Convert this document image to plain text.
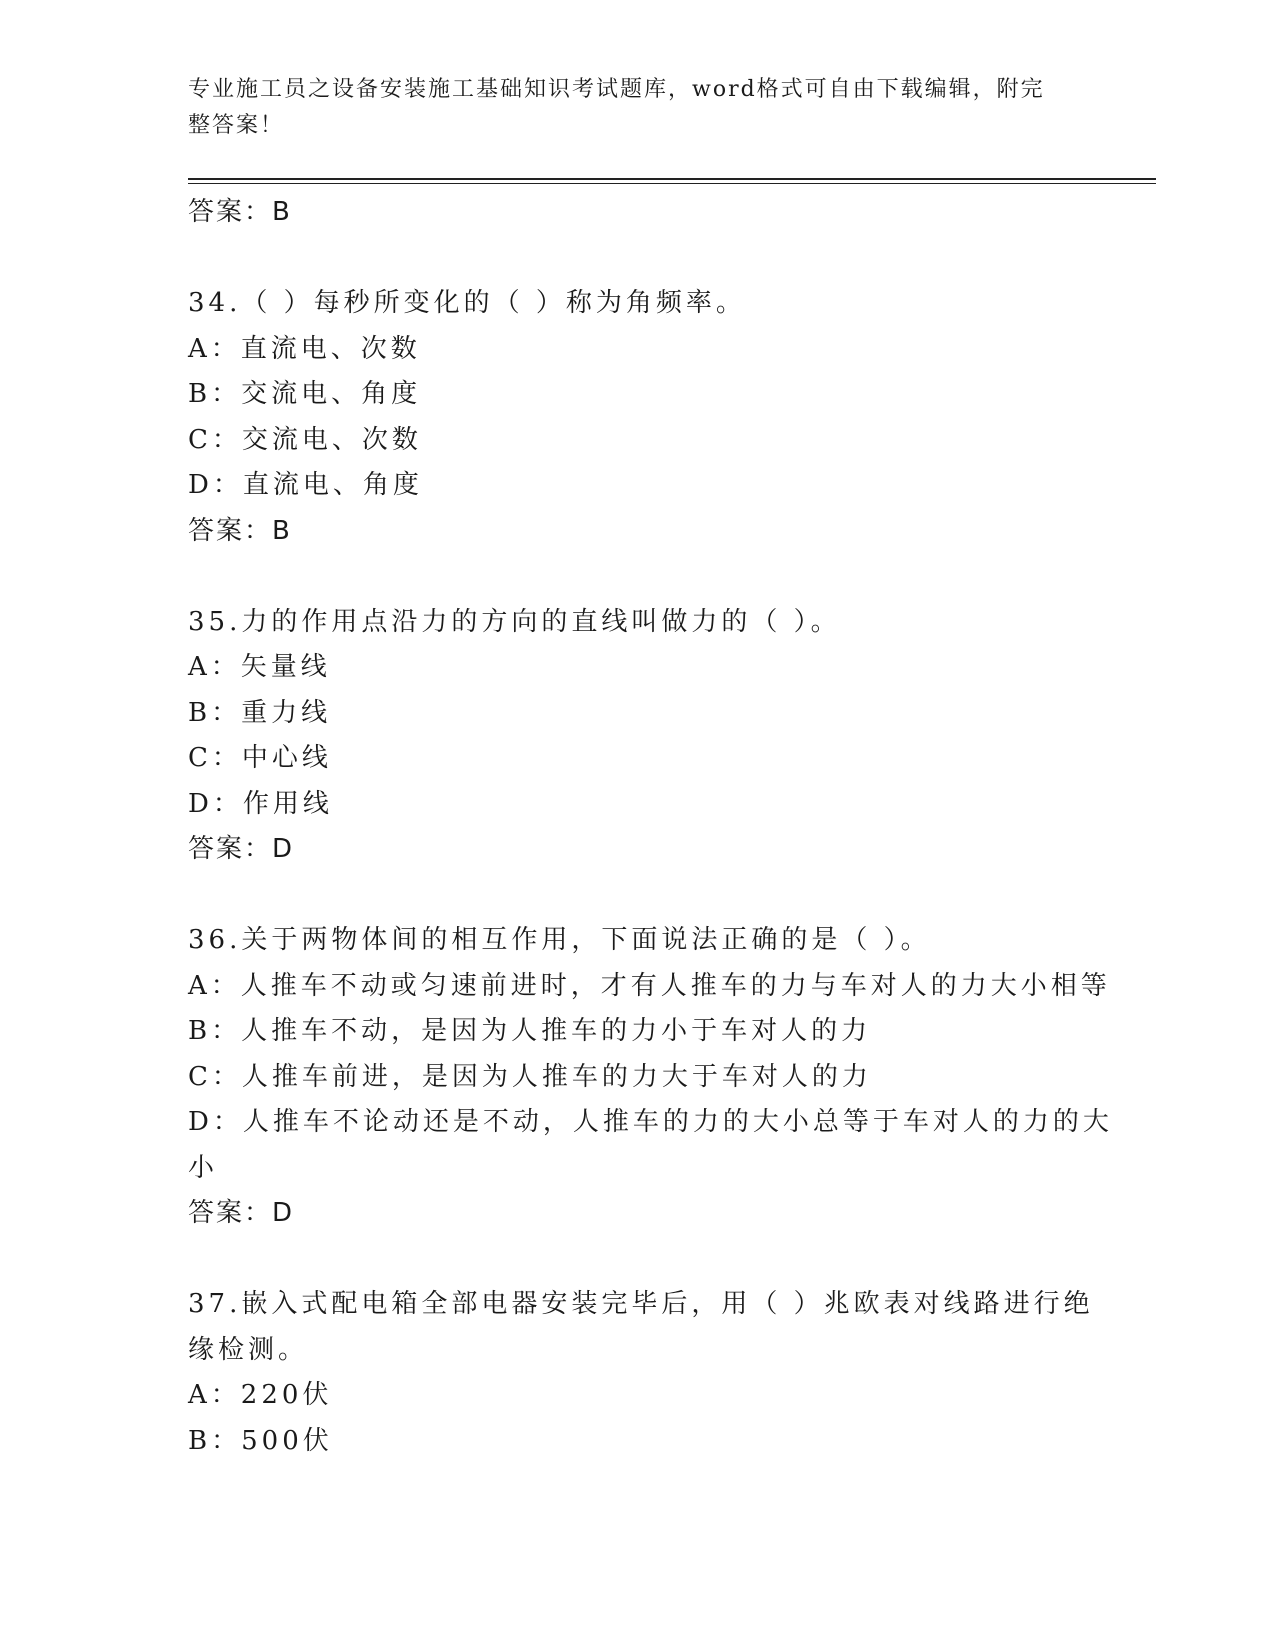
专业施工员之设备安装施工基础知识考试题库，word格式可自由下载编辑，附完
整答案！
答案：B
34.（ ）每秒所变化的（ ）称为角频率。
A：直流电、次数
B：交流电、角度
C：交流电、次数
D：直流电、角度
答案：B
35.力的作用点沿力的方向的直线叫做力的（ ）。
A：矢量线
B：重力线
C：中心线
D：作用线
答案：D
36.关于两物体间的相互作用，下面说法正确的是（ ）。
A：人推车不动或匀速前进时，才有人推车的力与车对人的力大小相等
B：人推车不动，是因为人推车的力小于车对人的力
C：人推车前进，是因为人推车的力大于车对人的力
D：人推车不论动还是不动，人推车的力的大小总等于车对人的力的大
小
答案：D
37.嵌入式配电箱全部电器安装完毕后，用（ ）兆欧表对线路进行绝
缘检测。
A：220伏
B：500伏
